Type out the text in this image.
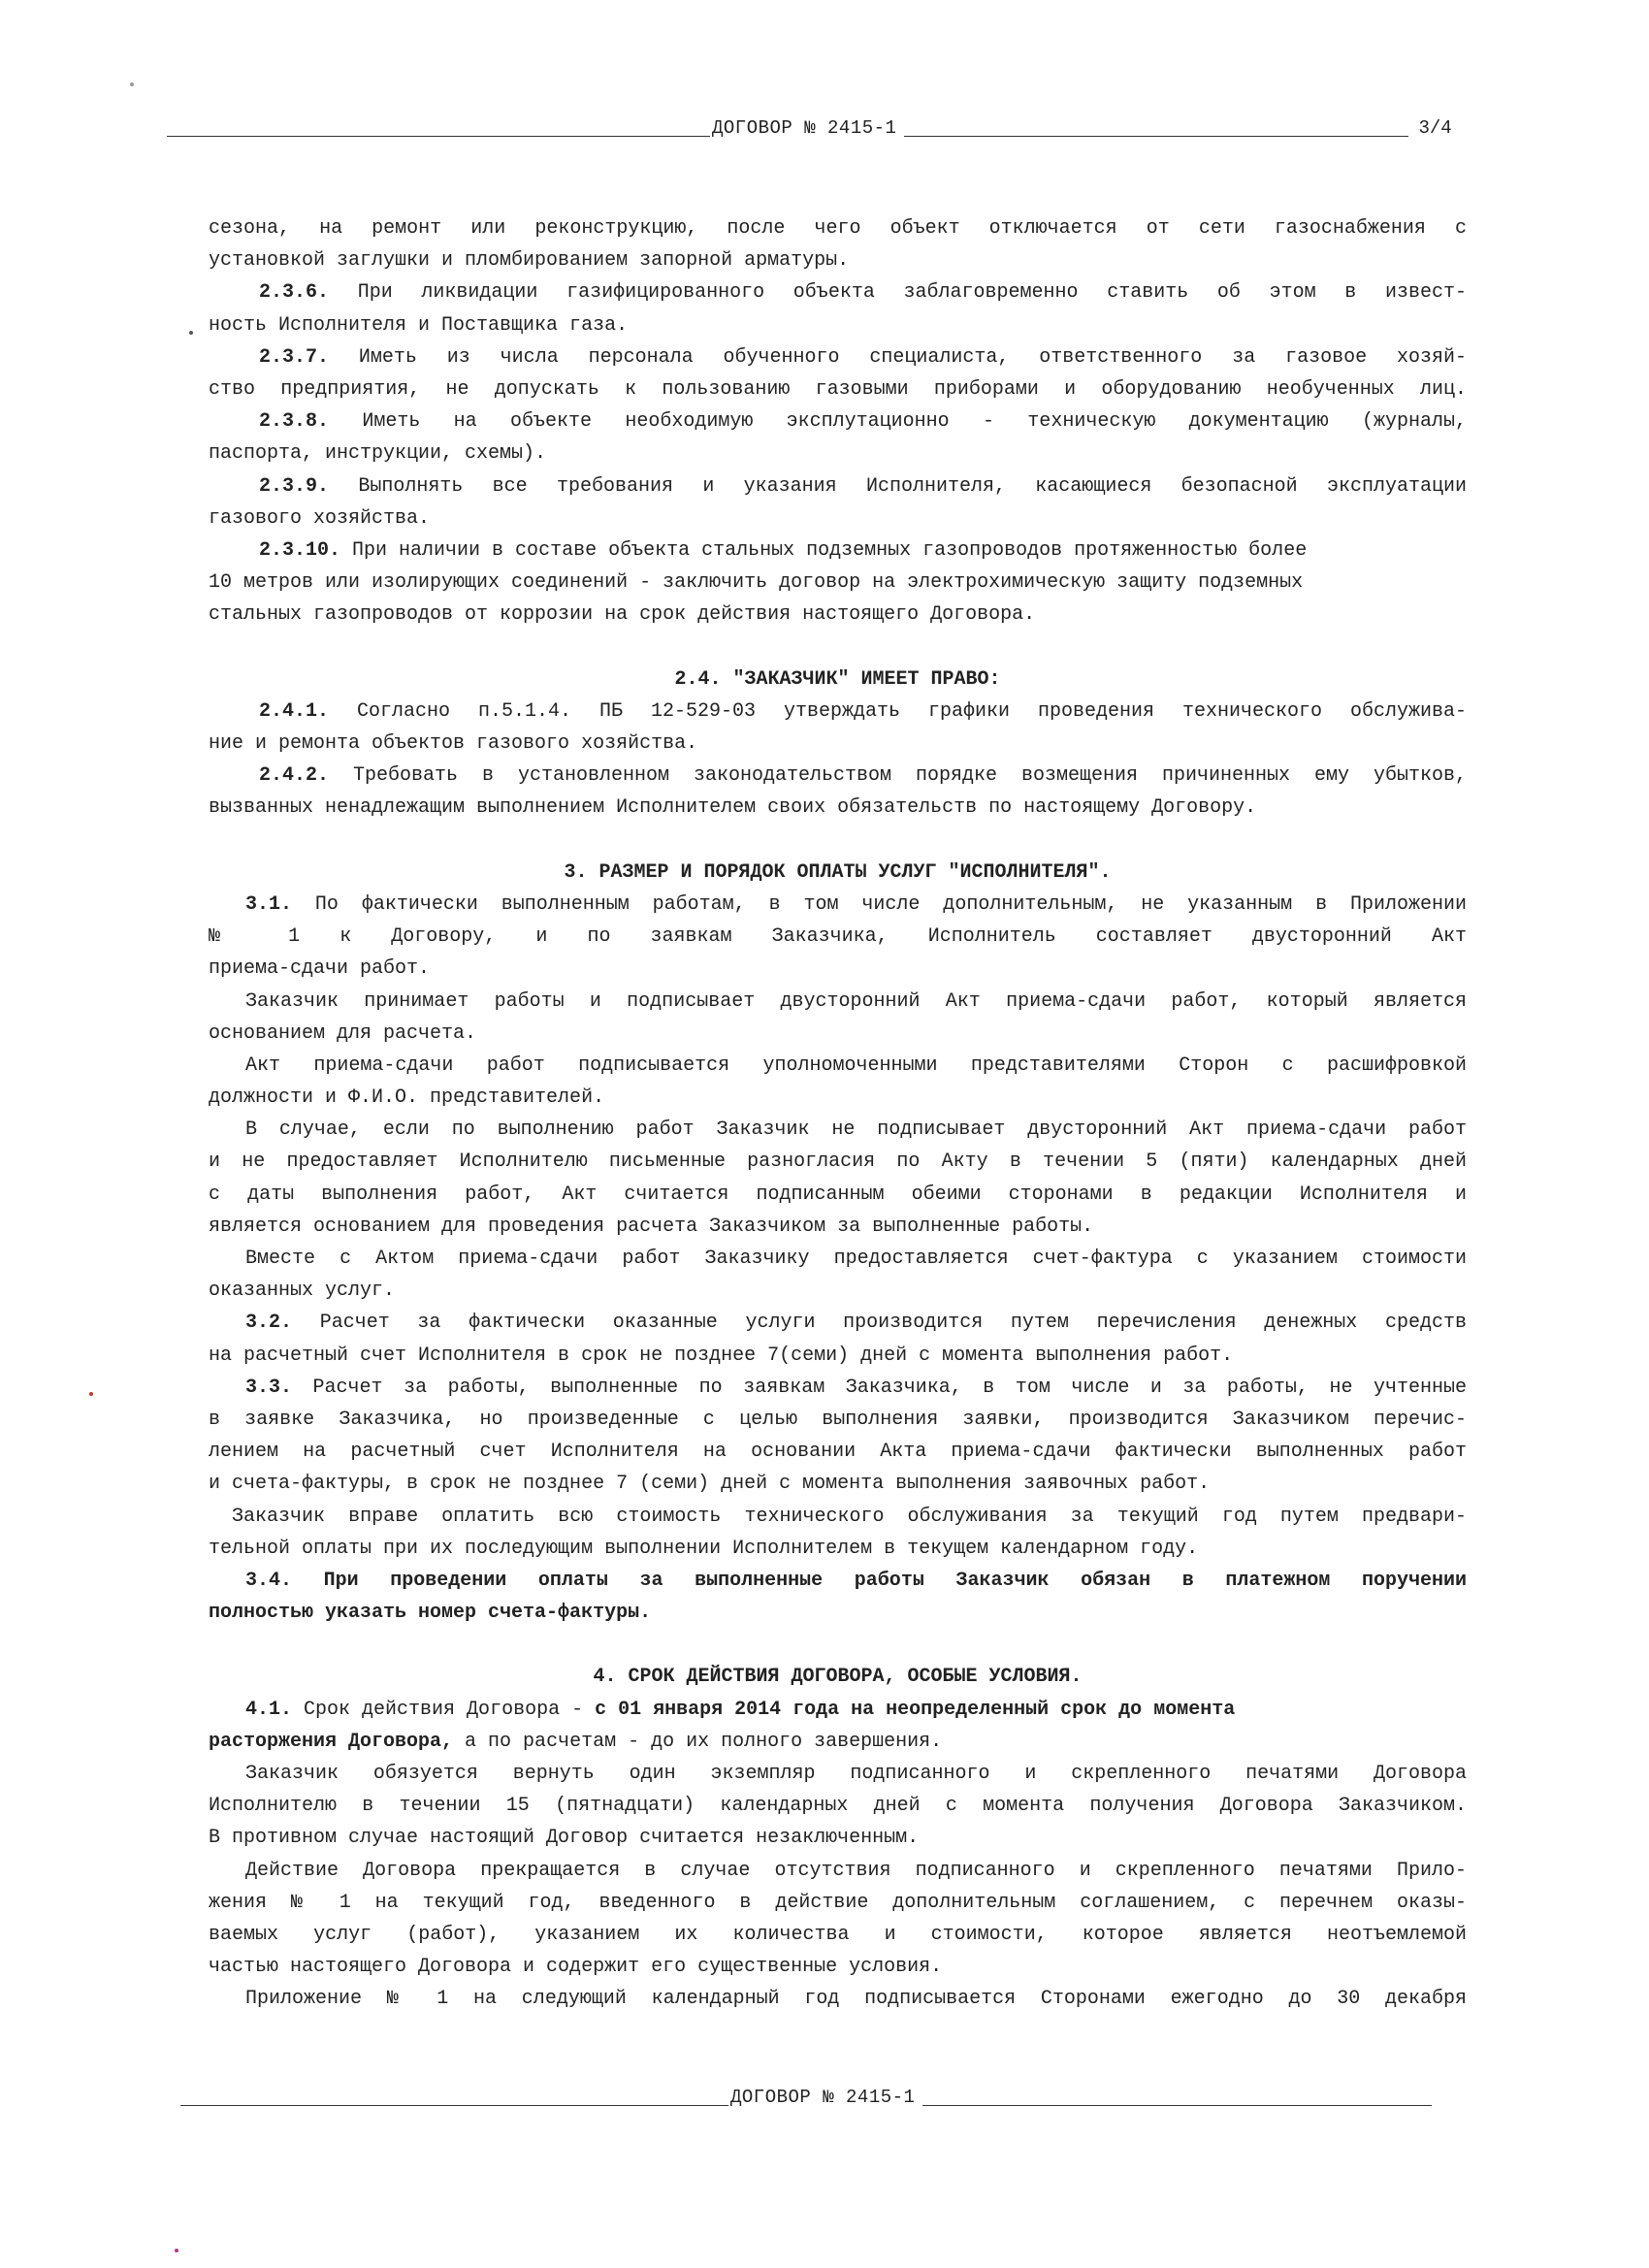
ДОГОВОР № 2415-1	3/4
сезона, на ремонт или реконструкцию, после чего объект отключается от сети газоснабжения с
установкой заглушки и пломбированием запорной арматуры.
2.3.6. При ликвидации газифицированного объекта заблаговременно ставить об этом в извест-
ность Исполнителя и Поставщика газа.
2.3.7. Иметь из числа персонала обученного специалиста, ответственного за газовое хозяй-
ство предприятия, не допускать к пользованию газовыми приборами и оборудованию необученных лиц.
2.3.8. Иметь на объекте необходимую эксплутационно - техническую документацию (журналы,
паспорта, инструкции, схемы).
2.3.9. Выполнять все требования и указания Исполнителя, касающиеся безопасной эксплуатации
газового хозяйства.
2.3.10. При наличии в составе объекта стальных подземных газопроводов протяженностью более
10 метров или изолирующих соединений - заключить договор на электрохимическую защиту подземных
стальных газопроводов от коррозии на срок действия настоящего Договора.
2.4. "ЗАКАЗЧИК" ИМЕЕТ ПРАВО:
2.4.1. Согласно п.5.1.4. ПБ 12-529-03 утверждать графики проведения технического обслужива-
ние и ремонта объектов газового хозяйства.
2.4.2. Требовать в установленном законодательством порядке возмещения причиненных ему убытков,
вызванных ненадлежащим выполнением Исполнителем своих обязательств по настоящему Договору.
3. РАЗМЕР И ПОРЯДОК ОПЛАТЫ УСЛУГ "ИСПОЛНИТЕЛЯ".
3.1. По фактически выполненным работам, в том числе дополнительным, не указанным в Приложении
№ 1 к Договору, и по заявкам Заказчика, Исполнитель составляет двусторонний Акт
приема-сдачи работ.
Заказчик принимает работы и подписывает двусторонний Акт приема-сдачи работ, который является
основанием для расчета.
Акт приема-сдачи работ подписывается уполномоченными представителями Сторон с расшифровкой
должности и Ф.И.О. представителей.
В случае, если по выполнению работ Заказчик не подписывает двусторонний Акт приема-сдачи работ
и не предоставляет Исполнителю письменные разногласия по Акту в течении 5 (пяти) календарных дней
с даты выполнения работ, Акт считается подписанным обеими сторонами в редакции Исполнителя и
является основанием для проведения расчета Заказчиком за выполненные работы.
Вместе с Актом приема-сдачи работ Заказчику предоставляется счет-фактура с указанием стоимости
оказанных услуг.
3.2. Расчет за фактически оказанные услуги производится путем перечисления денежных средств
на расчетный счет Исполнителя в срок не позднее 7(семи) дней с момента выполнения работ.
3.3. Расчет за работы, выполненные по заявкам Заказчика, в том числе и за работы, не учтенные
в заявке Заказчика, но произведенные с целью выполнения заявки, производится Заказчиком перечис-
лением на расчетный счет Исполнителя на основании Акта приема-сдачи фактически выполненных работ
и счета-фактуры, в срок не позднее 7 (семи) дней с момента выполнения заявочных работ.
Заказчик вправе оплатить всю стоимость технического обслуживания за текущий год путем предвари-
тельной оплаты при их последующим выполнении Исполнителем в текущем календарном году.
3.4. При проведении оплаты за выполненные работы Заказчик обязан в платежном поручении
полностью указать номер счета-фактуры.
4. СРОК ДЕЙСТВИЯ ДОГОВОРА, ОСОБЫЕ УСЛОВИЯ.
4.1. Срок действия Договора - с 01 января 2014 года на неопределенный срок до момента
расторжения Договора, а по расчетам - до их полного завершения.
Заказчик обязуется вернуть один экземпляр подписанного и скрепленного печатями Договора
Исполнителю в течении 15 (пятнадцати) календарных дней с момента получения Договора Заказчиком.
В противном случае настоящий Договор считается незаключенным.
Действие Договора прекращается в случае отсутствия подписанного и скрепленного печатями Прило-
жения № 1 на текущий год, введенного в действие дополнительным соглашением, с перечнем оказы-
ваемых услуг (работ), указанием их количества и стоимости, которое является неотъемлемой
частью настоящего Договора и содержит его существенные условия.
Приложение № 1 на следующий календарный год подписывается Сторонами ежегодно до 30 декабря
ДОГОВОР № 2415-1
